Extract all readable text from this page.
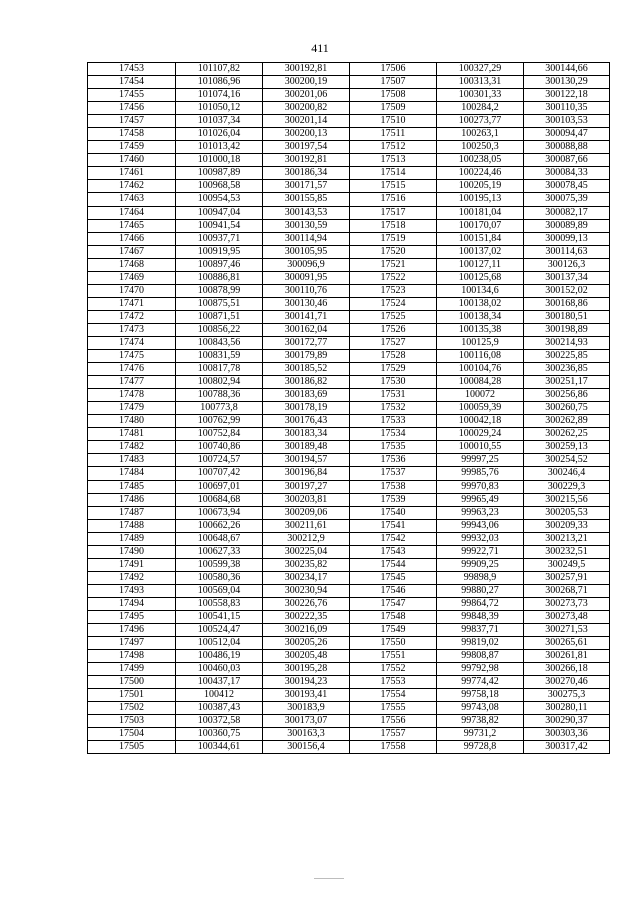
411
17453	101107,82	300192,81	17506	100327,29	300144,66
17454	101086,96	300200,19	17507	100313,31	300130,29
17455	101074,16	300201,06	17508	100301,33	300122,18
17456	101050,12	300200,82	17509	100284,2	300110,35
17457	101037,34	300201,14	17510	100273,77	300103,53
17458	101026,04	300200,13	17511	100263,1	300094,47
17459	101013,42	300197,54	17512	100250,3	300088,88
17460	101000,18	300192,81	17513	100238,05	300087,66
17461	100987,89	300186,34	17514	100224,46	300084,33
17462	100968,58	300171,57	17515	100205,19	300078,45
17463	100954,53	300155,85	17516	100195,13	300075,39
17464	100947,04	300143,53	17517	100181,04	300082,17
17465	100941,54	300130,59	17518	100170,07	300089,89
17466	100937,71	300114,94	17519	100151,84	300099,13
17467	100919,95	300105,95	17520	100137,02	300114,63
17468	100897,46	300096,9	17521	100127,11	300126,3
17469	100886,81	300091,95	17522	100125,68	300137,34
17470	100878,99	300110,76	17523	100134,6	300152,02
17471	100875,51	300130,46	17524	100138,02	300168,86
17472	100871,51	300141,71	17525	100138,34	300180,51
17473	100856,22	300162,04	17526	100135,38	300198,89
17474	100843,56	300172,77	17527	100125,9	300214,93
17475	100831,59	300179,89	17528	100116,08	300225,85
17476	100817,78	300185,52	17529	100104,76	300236,85
17477	100802,94	300186,82	17530	100084,28	300251,17
17478	100788,36	300183,69	17531	100072	300256,86
17479	100773,8	300178,19	17532	100059,39	300260,75
17480	100762,99	300176,43	17533	100042,18	300262,89
17481	100752,84	300183,34	17534	100029,24	300262,25
17482	100740,86	300189,48	17535	100010,55	300259,13
17483	100724,57	300194,57	17536	99997,25	300254,52
17484	100707,42	300196,84	17537	99985,76	300246,4
17485	100697,01	300197,27	17538	99970,83	300229,3
17486	100684,68	300203,81	17539	99965,49	300215,56
17487	100673,94	300209,06	17540	99963,23	300205,53
17488	100662,26	300211,61	17541	99943,06	300209,33
17489	100648,67	300212,9	17542	99932,03	300213,21
17490	100627,33	300225,04	17543	99922,71	300232,51
17491	100599,38	300235,82	17544	99909,25	300249,5
17492	100580,36	300234,17	17545	99898,9	300257,91
17493	100569,04	300230,94	17546	99880,27	300268,71
17494	100558,83	300226,76	17547	99864,72	300273,73
17495	100541,15	300222,35	17548	99848,39	300273,48
17496	100524,47	300216,09	17549	99837,71	300271,53
17497	100512,04	300205,26	17550	99819,02	300265,61
17498	100486,19	300205,48	17551	99808,87	300261,81
17499	100460,03	300195,28	17552	99792,98	300266,18
17500	100437,17	300194,23	17553	99774,42	300270,46
17501	100412	300193,41	17554	99758,18	300275,3
17502	100387,43	300183,9	17555	99743,08	300280,11
17503	100372,58	300173,07	17556	99738,82	300290,37
17504	100360,75	300163,3	17557	99731,2	300303,36
17505	100344,61	300156,4	17558	99728,8	300317,42
